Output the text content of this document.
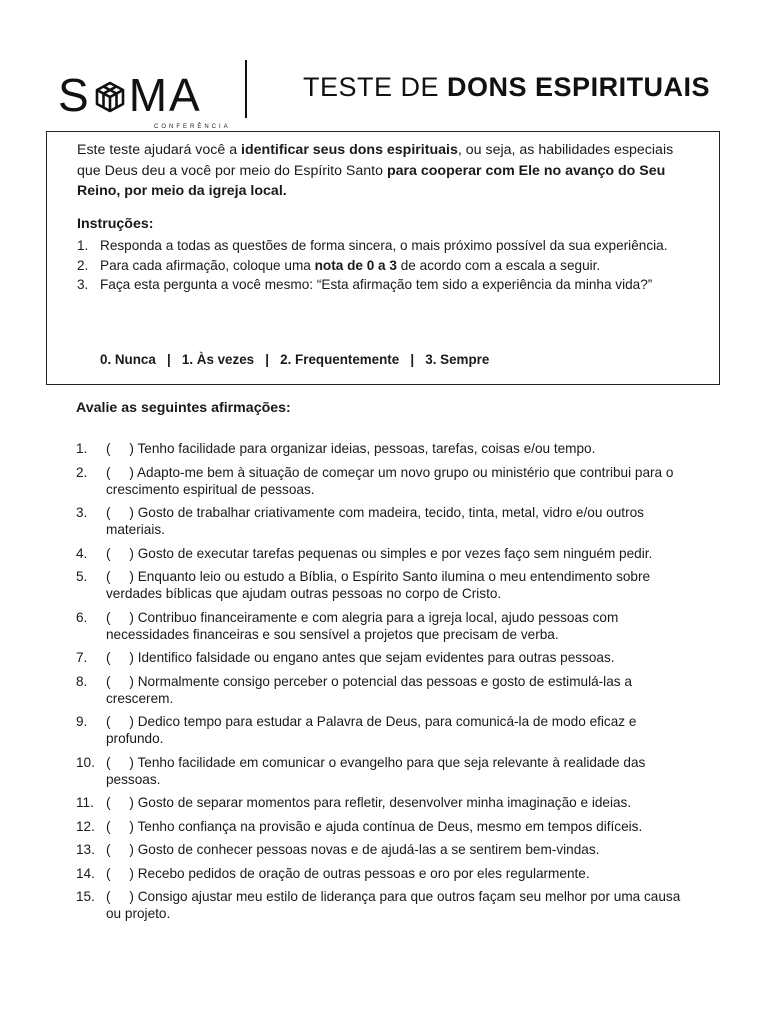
CONFERÊNCIA
S MA	TESTE DE DONS ESPIRITUAIS
Este teste ajudará você a identificar seus dons espirituais, ou seja, as habilidades especiais que Deus deu a você por meio do Espírito Santo para cooperar com Ele no avanço do Seu Reino, por meio da igreja local.
Instruções:
1. Responda a todas as questões de forma sincera, o mais próximo possível da sua experiência.
2. Para cada afirmação, coloque uma nota de 0 a 3 de acordo com a escala a seguir.
3. Faça esta pergunta a você mesmo: “Esta afirmação tem sido a experiência da minha vida?”
0. Nunca   |   1. Às vezes   |   2. Frequentemente   |   3. Sempre
Avalie as seguintes afirmações:
1. (     ) Tenho facilidade para organizar ideias, pessoas, tarefas, coisas e/ou tempo.
2. (     ) Adapto-me bem à situação de começar um novo grupo ou ministério que contribui para o crescimento espiritual de pessoas.
3. (     ) Gosto de trabalhar criativamente com madeira, tecido, tinta, metal, vidro e/ou outros materiais.
4. (     ) Gosto de executar tarefas pequenas ou simples e por vezes faço sem ninguém pedir.
5. (     ) Enquanto leio ou estudo a Bíblia, o Espírito Santo ilumina o meu entendimento sobre verdades bíblicas que ajudam outras pessoas no corpo de Cristo.
6. (     ) Contribuo financeiramente e com alegria para a igreja local, ajudo pessoas com necessidades financeiras e sou sensível a projetos que precisam de verba.
7. (     ) Identifico falsidade ou engano antes que sejam evidentes para outras pessoas.
8. (     ) Normalmente consigo perceber o potencial das pessoas e gosto de estimulá-las a crescerem.
9. (     ) Dedico tempo para estudar a Palavra de Deus, para comunicá-la de modo eficaz e profundo.
10. (     ) Tenho facilidade em comunicar o evangelho para que seja relevante à realidade das pessoas.
11. (     ) Gosto de separar momentos para refletir, desenvolver minha imaginação e ideias.
12. (     ) Tenho confiança na provisão e ajuda contínua de Deus, mesmo em tempos difíceis.
13. (     ) Gosto de conhecer pessoas novas e de ajudá-las a se sentirem bem-vindas.
14. (     ) Recebo pedidos de oração de outras pessoas e oro por eles regularmente.
15. (     ) Consigo ajustar meu estilo de liderança para que outros façam seu melhor por uma causa ou projeto.
